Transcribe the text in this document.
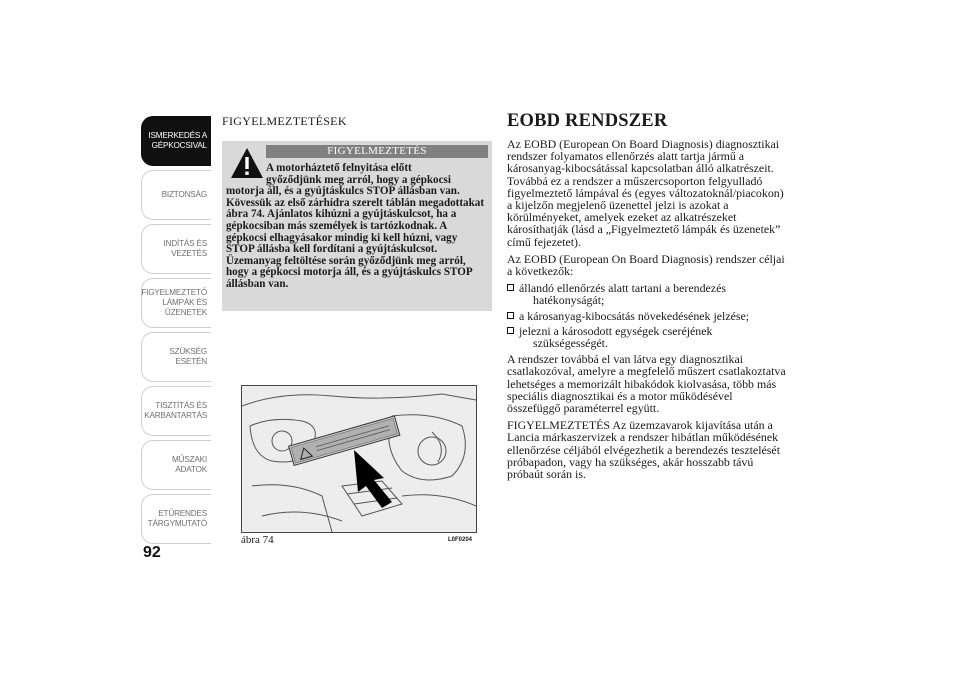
ISMERKEDÉS A
GÉPKOCSIVAL
BIZTONSÁG
INDÍTÁS ÉS
VEZETÉS
FIGYELMEZTETŐ
LÁMPÁK ÉS
ÜZENETEK
SZÜKSÉG ESETÉN
TISZTÍTÁS ÉS
KARBANTARTÁS
MŰSZAKI ADATOK
ETŰRENDES
TÁRGYMUTATÓ
92
FIGYELMEZTETÉSEK
FIGYELMEZTETÉS
A motorháztető felnyitása előtt
győződjünk meg arról, hogy a gépkocsi
motorja áll, és a gyújtáskulcs STOP állásban van. Kövessük az első zárhídra szerelt táblán megadottakat ábra 74. Ajánlatos kihúzni a gyújtáskulcsot, ha a gépkocsiban más személyek is tartózkodnak. A gépkocsi elhagyásakor mindig ki kell húzni, vagy STOP állásba kell fordítani a gyújtáskulcsot. Üzemanyag feltöltése során győződjünk meg arról, hogy a gépkocsi motorja áll, és a gyújtáskulcs STOP állásban van.
ábra 74	L0F0204
EOBD RENDSZER

Az EOBD (European On Board Diagnosis) diagnosztikai rendszer folyamatos ellenőrzés alatt tartja jármű a károsanyag-kibocsátással kapcsolatban álló alkatrészeit. Továbbá ez a rendszer a műszercsoporton felgyulladó figyelmeztető lámpával és (egyes változatoknál/piacokon) a kijelzőn megjelenő üzenettel jelzi is azokat a körülményeket, amelyek ezeket az alkatrészeket károsíthatják (lásd a „Figyelmeztető lámpák és üzenetek” című fejezetet).

Az EOBD (European On Board Diagnosis) rendszer céljai a következők:

állandó ellenőrzés alatt tartani a berendezés
hatékonyságát;
a károsanyag-kibocsátás növekedésének jelzése;
jelezni a károsodott egységek cseréjének
szükségességét.

A rendszer továbbá el van látva egy diagnosztikai csatlakozóval, amelyre a megfelelő műszert csatlakoztatva lehetséges a memorizált hibakódok kiolvasása, több más speciális diagnosztikai és a motor működésével összefüggő paraméterrel együtt.

FIGYELMEZTETÉS Az üzemzavarok kijavítása után a Lancia márkaszervizek a rendszer hibátlan működésének ellenőrzése céljából elvégezhetik a berendezés tesztelését próbapadon, vagy ha szükséges, akár hosszabb távú próbaút során is.
